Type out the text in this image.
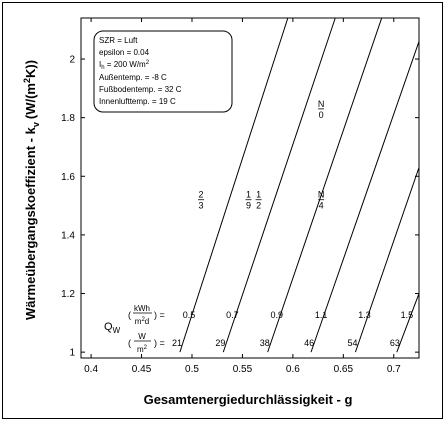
0.4	0.45	0.5	0.55	0.6	0.65	0.7
1
1.2
1.4
1.6
1.8
2
2
3
1
9
1
2
N
4
N
0
0.5	0.7	0.9	1.1	1.3	1.5
21	29	38	46	54	63
SZR = Luft
epsilon = 0.04
$I_h = 200$ $W/m^2$
Außentemp. = -8 C
Fußbodentemp. = 32 C
Innenlufttemp. = 19 C
Gesamtenergiedurchlässigkeit - g
Wärmeübergangskoeffizient - $k_v(W/(m^2K))$
$Q_W$
(
kWh
$m^2d$
) =
(
W
$m^2$ ) =
